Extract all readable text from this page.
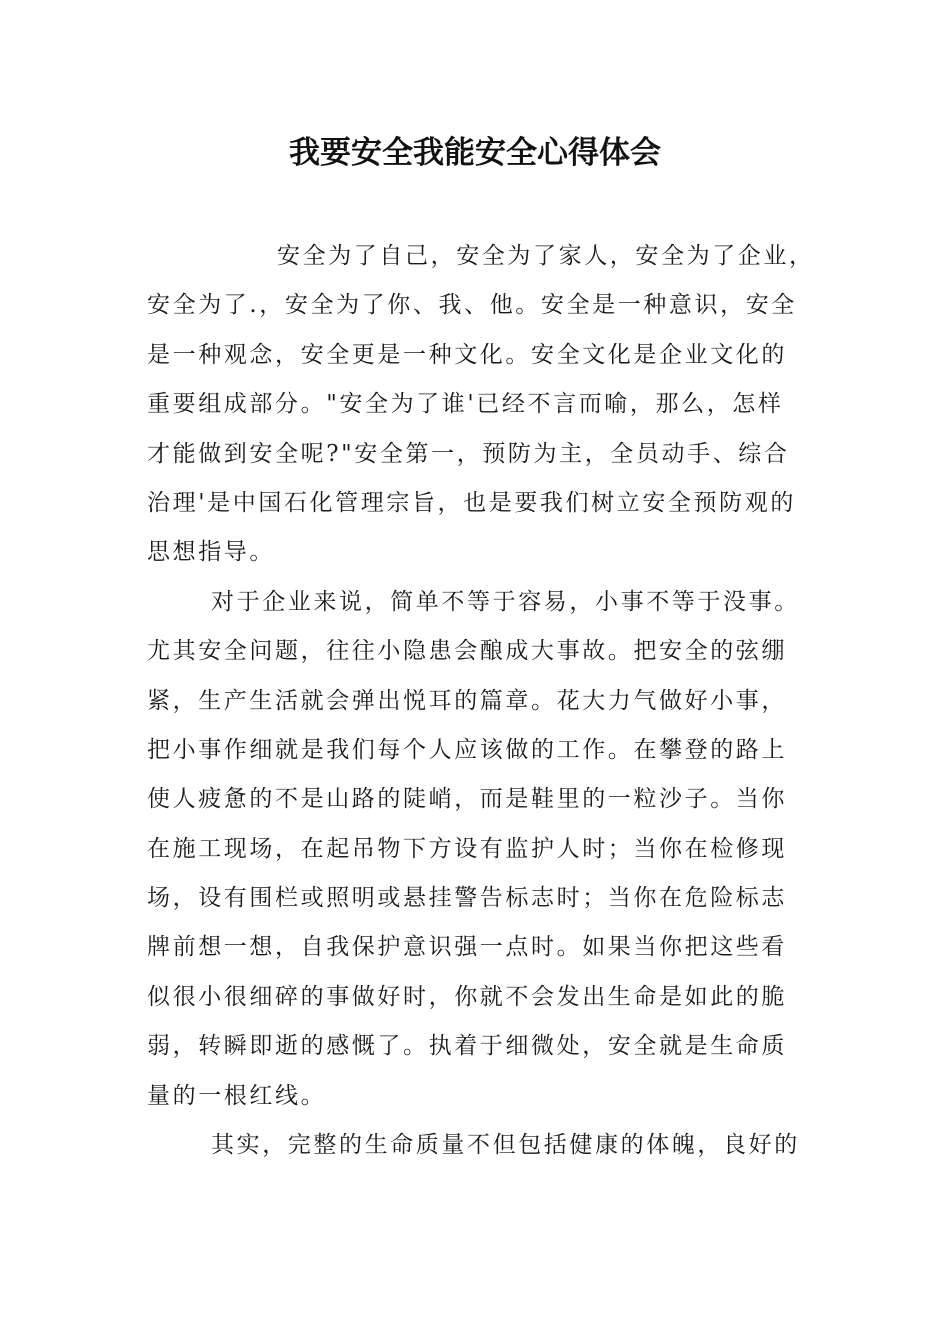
我要安全我能安全心得体会

安全为了自己，安全为了家人，安全为了企业，
安全为了.，安全为了你、我、他。安全是一种意识，安全
是一种观念，安全更是一种文化。安全文化是企业文化的
重要组成部分。"安全为了谁'已经不言而喻，那么，怎样
才能做到安全呢?"安全第一，预防为主，全员动手、综合
治理'是中国石化管理宗旨，也是要我们树立安全预防观的
思想指导。

对于企业来说，简单不等于容易，小事不等于没事。
尤其安全问题，往往小隐患会酿成大事故。把安全的弦绷
紧，生产生活就会弹出悦耳的篇章。花大力气做好小事，
把小事作细就是我们每个人应该做的工作。在攀登的路上
使人疲惫的不是山路的陡峭，而是鞋里的一粒沙子。当你
在施工现场，在起吊物下方设有监护人时；当你在检修现
场，设有围栏或照明或悬挂警告标志时；当你在危险标志
牌前想一想，自我保护意识强一点时。如果当你把这些看
似很小很细碎的事做好时，你就不会发出生命是如此的脆
弱，转瞬即逝的感慨了。执着于细微处，安全就是生命质
量的一根红线。

其实，完整的生命质量不但包括健康的体魄，良好的
